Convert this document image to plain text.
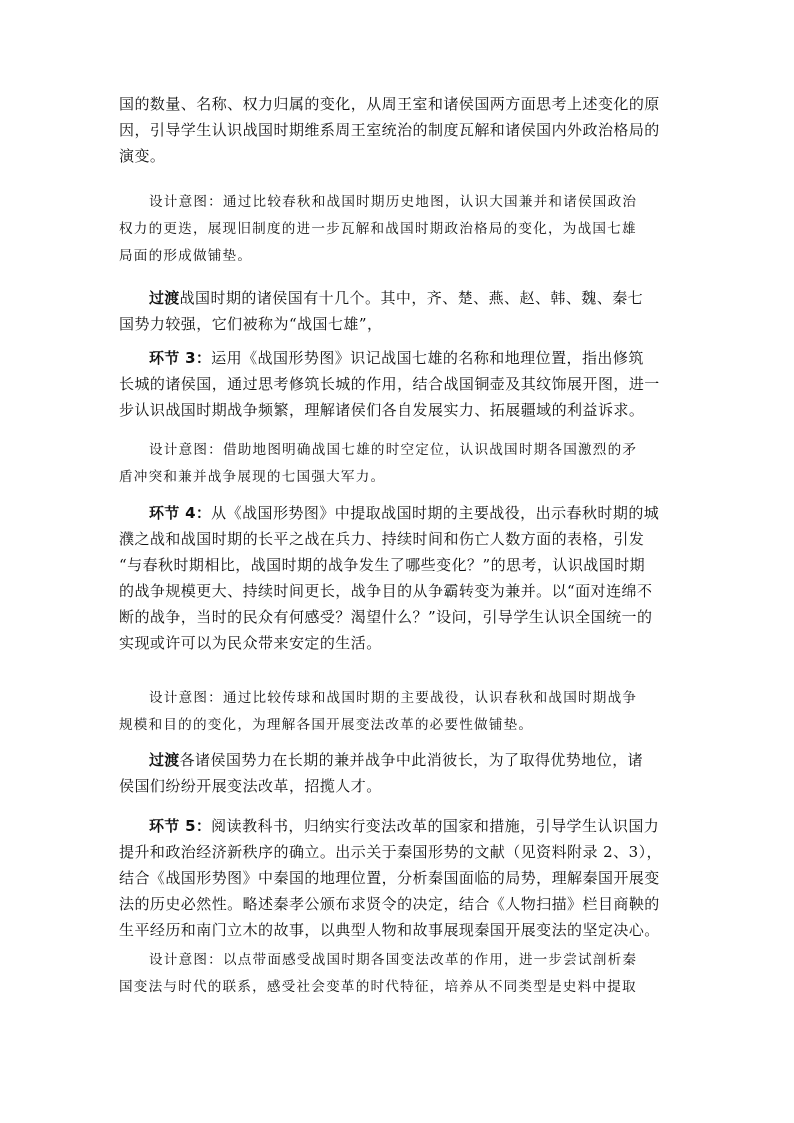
国的数量、名称、权力归属的变化，从周王室和诸侯国两方面思考上述变化的原
因，引导学生认识战国时期维系周王室统治的制度瓦解和诸侯国内外政治格局的
演变。
设计意图：通过比较春秋和战国时期历史地图，认识大国兼并和诸侯国政治
权力的更迭，展现旧制度的进一步瓦解和战国时期政治格局的变化，为战国七雄
局面的形成做铺垫。
过渡战国时期的诸侯国有十几个。其中，齐、楚、燕、赵、韩、魏、秦七
国势力较强，它们被称为“战国七雄”，
环节 3：运用《战国形势图》识记战国七雄的名称和地理位置，指出修筑
长城的诸侯国，通过思考修筑长城的作用，结合战国铜壶及其纹饰展开图，进一
步认识战国时期战争频繁，理解诸侯们各自发展实力、拓展疆域的利益诉求。
设计意图：借助地图明确战国七雄的时空定位，认识战国时期各国激烈的矛
盾冲突和兼并战争展现的七国强大军力。
环节 4：从《战国形势图》中提取战国时期的主要战役，出示春秋时期的城
濮之战和战国时期的长平之战在兵力、持续时间和伤亡人数方面的表格，引发
“与春秋时期相比，战国时期的战争发生了哪些变化？”的思考，认识战国时期
的战争规模更大、持续时间更长，战争目的从争霸转变为兼并。以“面对连绵不
断的战争，当时的民众有何感受？渴望什么？”设问，引导学生认识全国统一的
实现或许可以为民众带来安定的生活。
设计意图：通过比较传球和战国时期的主要战役，认识春秋和战国时期战争
规模和目的的变化，为理解各国开展变法改革的必要性做铺垫。
过渡各诸侯国势力在长期的兼并战争中此消彼长，为了取得优势地位，诸
侯国们纷纷开展变法改革，招揽人才。
环节 5：阅读教科书，归纳实行变法改革的国家和措施，引导学生认识国力
提升和政治经济新秩序的确立。出示关于秦国形势的文献（见资料附录 2、3），
结合《战国形势图》中秦国的地理位置，分析秦国面临的局势，理解秦国开展变
法的历史必然性。略述秦孝公颁布求贤令的决定，结合《人物扫描》栏目商鞅的
生平经历和南门立木的故事，以典型人物和故事展现秦国开展变法的坚定决心。
设计意图：以点带面感受战国时期各国变法改革的作用，进一步尝试剖析秦
国变法与时代的联系，感受社会变革的时代特征，培养从不同类型是史料中提取
